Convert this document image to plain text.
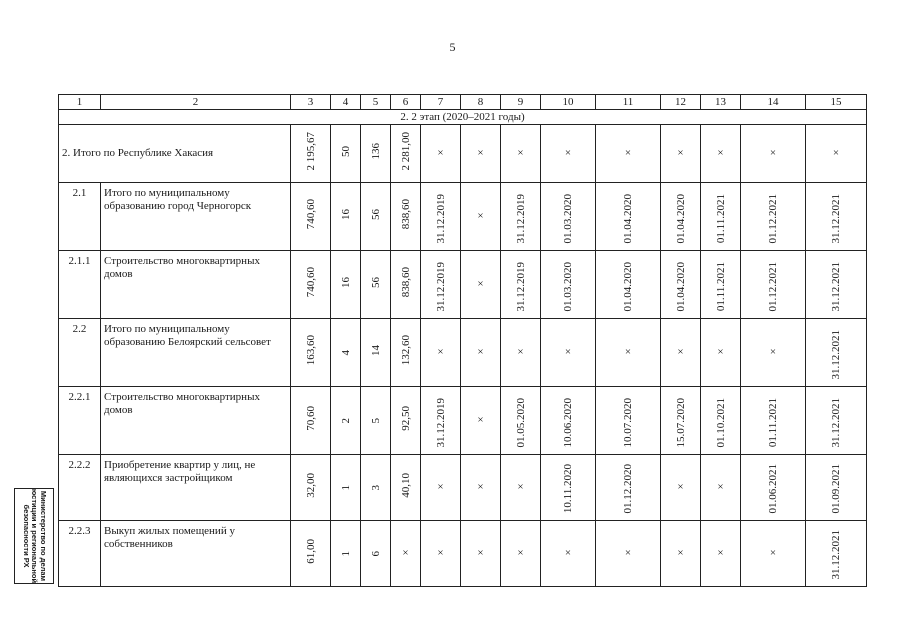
5
Министерство по делам юстиции и региональной безопасности РХ
1	2	3	4	5	6	7	8	9	10	11	12	13	14	15
2. 2 этап (2020–2021 годы)														
2. Итого по Республике Хакасия		2 195,67	50	136	2 281,00	×	×	×	×	×	×	×	×	×
2.1	Итого по муниципальному образованию город Черногорск	740,60	16	56	838,60	31.12.2019	×	31.12.2019	01.03.2020	01.04.2020	01.04.2020	01.11.2021	01.12.2021	31.12.2021
2.1.1	Строительство многоквартирных домов	740,60	16	56	838,60	31.12.2019	×	31.12.2019	01.03.2020	01.04.2020	01.04.2020	01.11.2021	01.12.2021	31.12.2021
2.2	Итого по муниципальному образованию Белоярский сельсовет	163,60	4	14	132,60	×	×	×	×	×	×	×	×	31.12.2021
2.2.1	Строительство многоквартирных домов	70,60	2	5	92,50	31.12.2019	×	01.05.2020	10.06.2020	10.07.2020	15.07.2020	01.10.2021	01.11.2021	31.12.2021
2.2.2	Приобретение квартир у лиц, не являющихся застройщиком	32,00	1	3	40,10	×	×	×	10.11.2020	01.12.2020	×	×	01.06.2021	01.09.2021
2.2.3	Выкуп жилых помещений у собственников	61,00	1	6	×	×	×	×	×	×	×	×	×	31.12.2021
